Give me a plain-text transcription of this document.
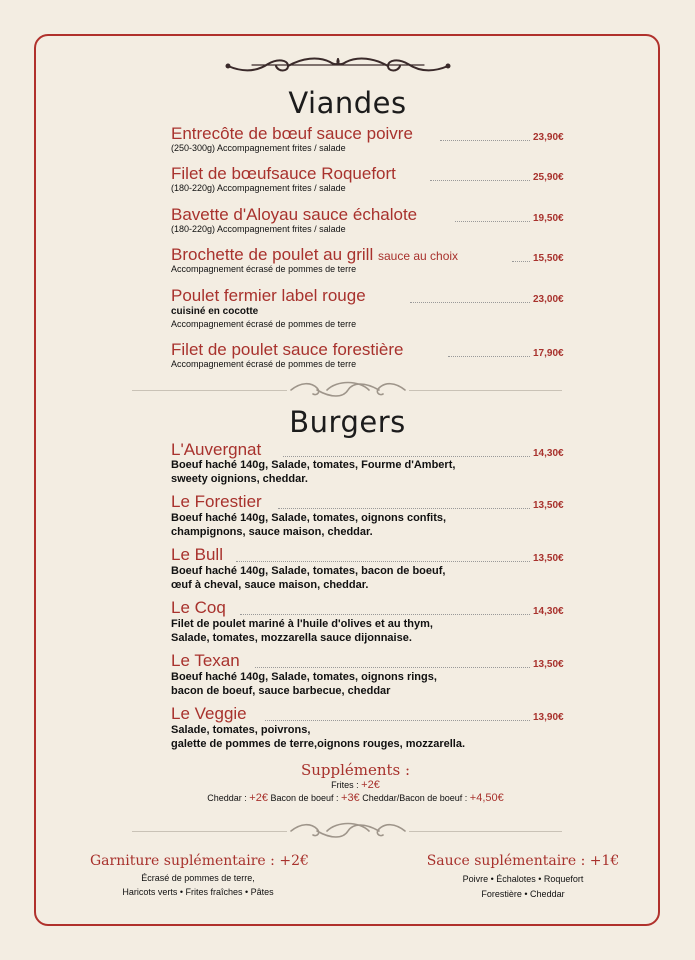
Viandes
Entrecôte de bœuf sauce poivre	23,90€
(250-300g) Accompagnement frites / salade
Filet de bœufsauce Roquefort	25,90€
(180-220g) Accompagnement frites / salade
Bavette d'Aloyau sauce échalote	19,50€
(180-220g) Accompagnement frites / salade
Brochette de poulet au grill sauce au choix	15,50€
Accompagnement écrasé de pommes de terre
Poulet fermier label rouge	23,00€
cuisiné en cocotte
Accompagnement écrasé de pommes de terre
Filet de poulet sauce forestière	17,90€
Accompagnement écrasé de pommes de terre
Burgers
L'Auvergnat	14,30€
Boeuf haché 140g, Salade, tomates, Fourme d'Ambert,
sweety oignions, cheddar.
Le Forestier	13,50€
Boeuf haché 140g, Salade, tomates, oignons confits,
champignons, sauce maison, cheddar.
Le Bull	13,50€
Boeuf haché 140g, Salade, tomates, bacon de boeuf,
œuf à cheval, sauce maison, cheddar.
Le Coq	14,30€
Filet de poulet mariné à l'huile d'olives et au thym,
Salade, tomates, mozzarella sauce dijonnaise.
Le Texan	13,50€
Boeuf haché 140g, Salade, tomates, oignons rings,
bacon de boeuf, sauce barbecue, cheddar
Le Veggie	13,90€
Salade, tomates, poivrons,
galette de pommes de terre,oignons rouges, mozzarella.
Suppléments :
Frites : +2€
Cheddar : +2€ Bacon de boeuf : +3€ Cheddar/Bacon de boeuf : +4,50€
Garniture suplémentaire : +2€
Écrasé de pommes de terre,
Haricots verts • Frites fraîches • Pâtes
Sauce suplémentaire : +1€
Poivre • Échalotes • Roquefort
Forestière • Cheddar
